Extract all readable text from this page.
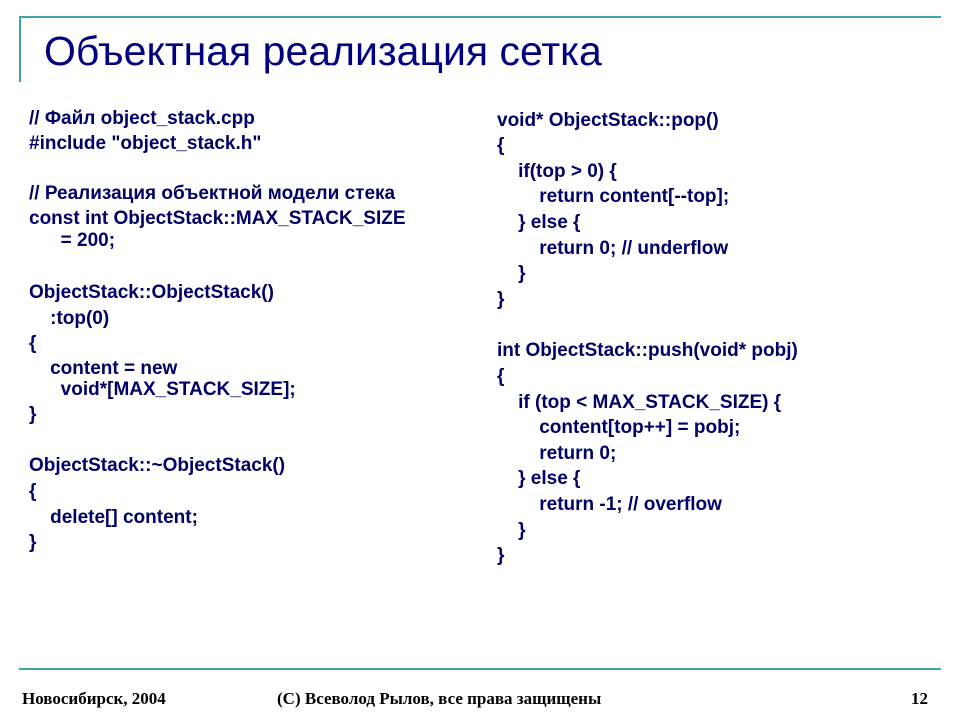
Объектная реализация сетка
// Файл object_stack.cpp
#include "object_stack.h"
// Реализация объектной модели стека
const int ObjectStack::MAX_STACK_SIZE
= 200;
ObjectStack::ObjectStack()
:top(0)
{
content = new
void*[MAX_STACK_SIZE];
}
ObjectStack::~ObjectStack()
{
delete[] content;
}
void* ObjectStack::pop()
{
if(top > 0) {
return content[--top];
} else {
return 0; // underflow
}
}
int ObjectStack::push(void* pobj)
{
if (top < MAX_STACK_SIZE) {
content[top++] = pobj;
return 0;
} else {
return -1; // overflow
}
}
Новосибирск, 2004	(C) Всеволод Рылов, все права защищены	12
